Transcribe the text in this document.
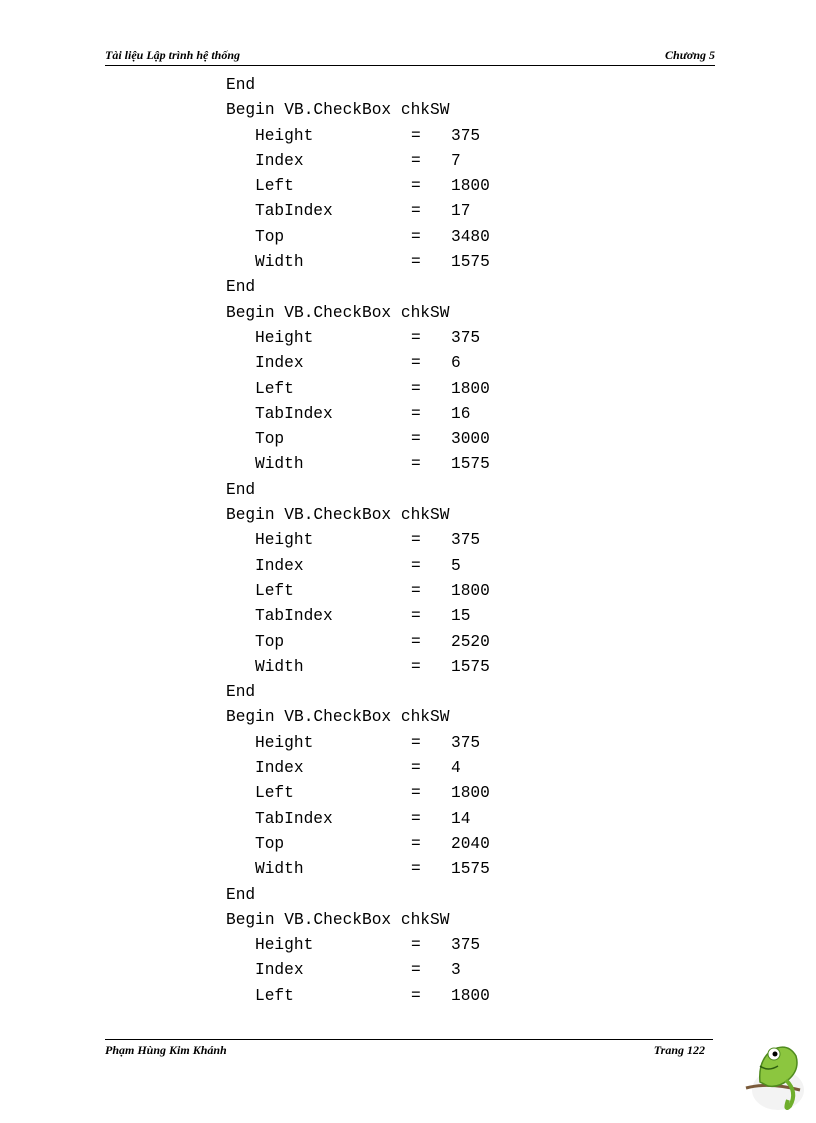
Tài liệu Lập trình hệ thống	Chương 5
End
Begin VB.CheckBox chkSW
Height	= 375
Index	= 7
Left	= 1800
TabIndex	= 17
Top	= 3480
Width	= 1575
End
Begin VB.CheckBox chkSW
Height	= 375
Index	= 6
Left	= 1800
TabIndex	= 16
Top	= 3000
Width	= 1575
End
Begin VB.CheckBox chkSW
Height	= 375
Index	= 5
Left	= 1800
TabIndex	= 15
Top	= 2520
Width	= 1575
End
Begin VB.CheckBox chkSW
Height	= 375
Index	= 4
Left	= 1800
TabIndex	= 14
Top	= 2040
Width	= 1575
End
Begin VB.CheckBox chkSW
Height	= 375
Index	= 3
Left	= 1800
Phạm Hùng Kim Khánh	Trang 122
